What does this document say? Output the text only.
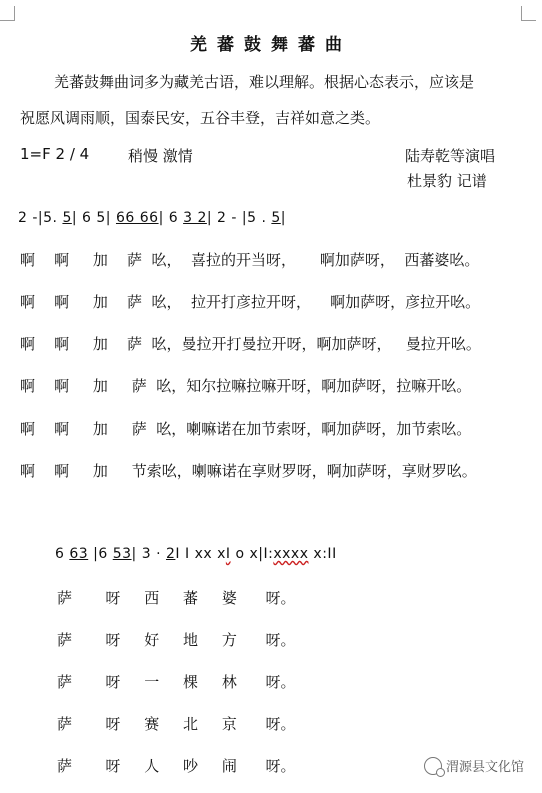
羌蕃鼓舞蕃曲
羌蕃鼓舞曲词多为藏羌古语，难以理解。根据心态表示，应该是
祝愿风调雨顺，国泰民安，五谷丰登，吉祥如意之类。
1=F 2 / 4	稍慢 激情	陆寿乾等演唱
杜景豹 记谱
2 -|5. 5| 6 5| 66 66| 6 3 2| 2 - |5 . 5|
啊    啊     加    萨  吆，  喜拉的开当呀，     啊加萨呀，  西蕃婆吆。
啊    啊     加    萨  吆，  拉开打彦拉开呀，    啊加萨呀，彦拉开吆。
啊    啊     加    萨  吆，曼拉开打曼拉开呀，啊加萨呀，   曼拉开吆。
啊    啊     加     萨  吆，知尔拉嘛拉嘛开呀，啊加萨呀，拉嘛开吆。
啊    啊     加     萨  吆，喇嘛诺在加节索呀，啊加萨呀，加节索吆。
啊    啊     加     节索吆，喇嘛诺在享财罗呀，啊加萨呀，享财罗吆。
6 63 |6 53| 3 · 2I I xx xI o x|I:xxxx x:II
萨       呀     西     蕃     婆      呀。
萨       呀     好     地     方      呀。
萨       呀     一     棵     林      呀。
萨       呀     赛     北     京      呀。
萨       呀     人     吵     闹      呀。	渭源县文化馆
